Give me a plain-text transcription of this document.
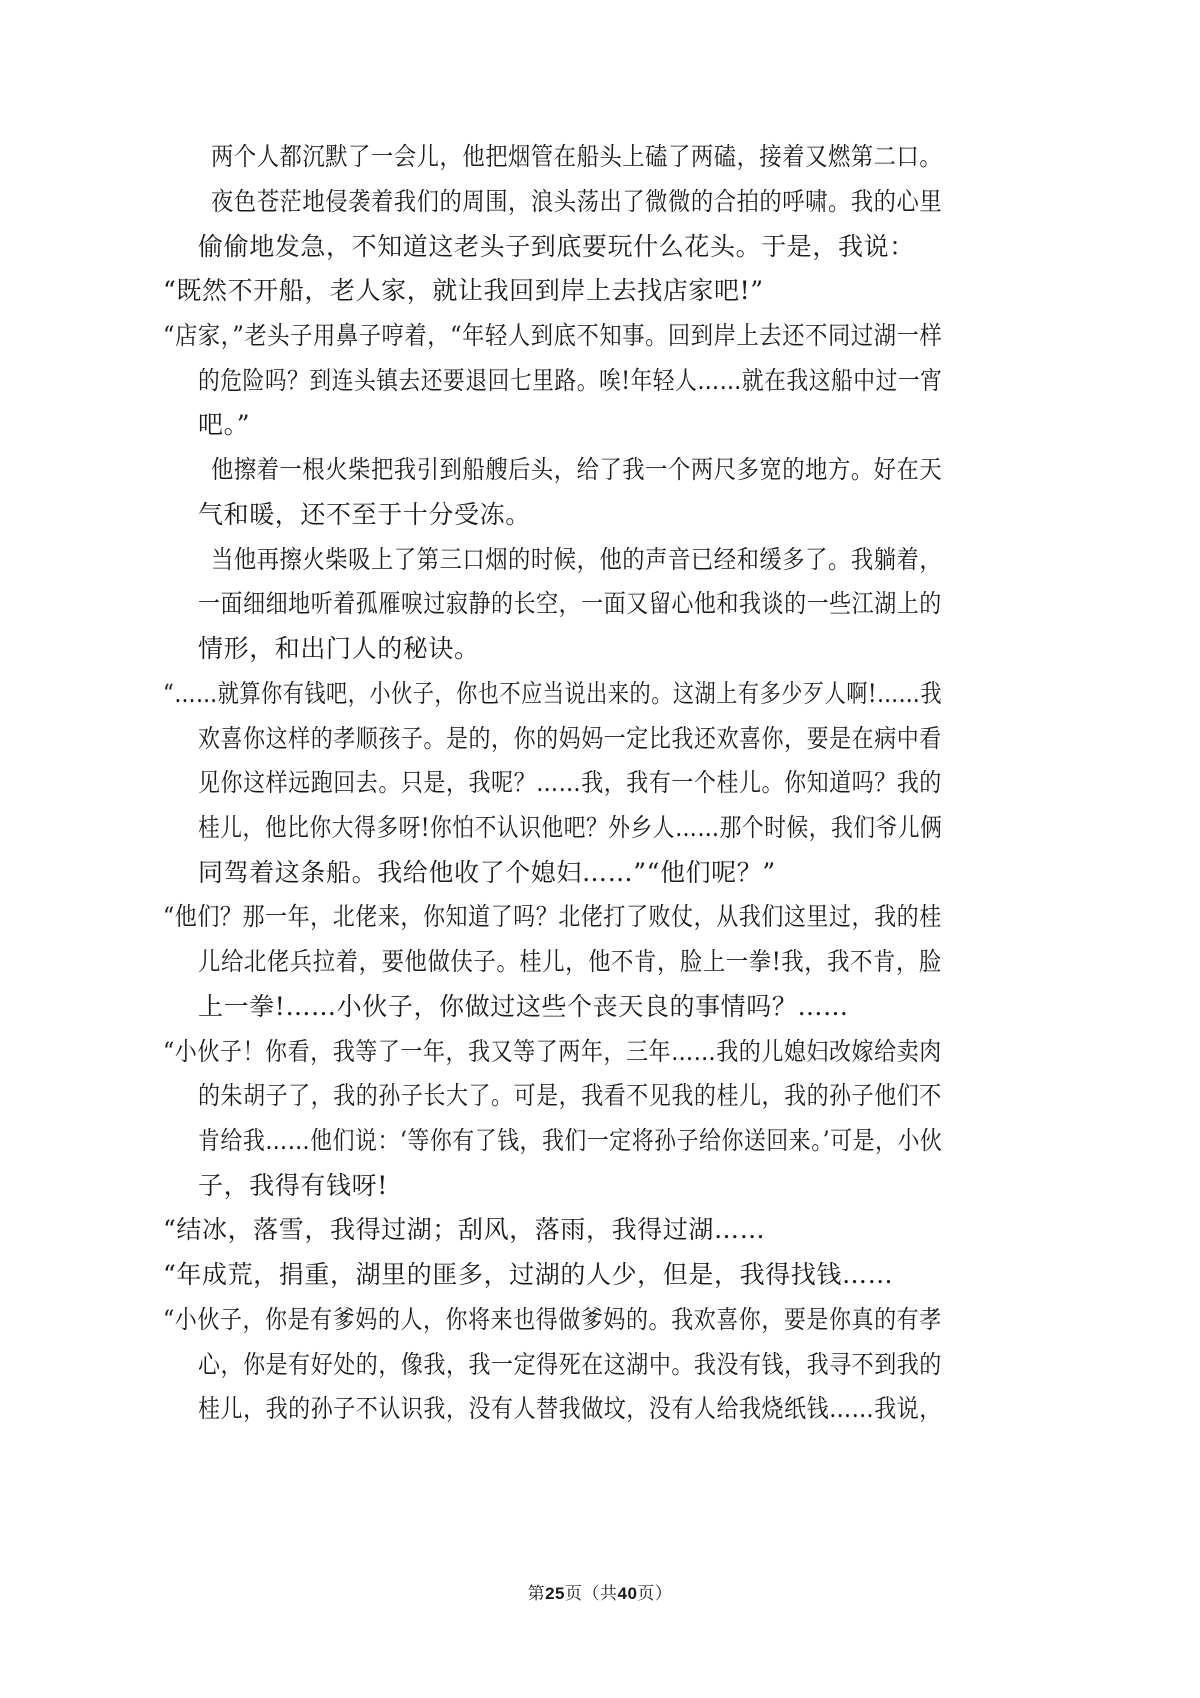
两个人都沉默了一会儿，他把烟管在船头上磕了两磕，接着又燃第二口。
夜色苍茫地侵袭着我们的周围，浪头荡出了微微的合拍的呼啸。我的心里
偷偷地发急，不知道这老头子到底要玩什么花头。于是，我说：
“既然不开船，老人家，就让我回到岸上去找店家吧!”
“店家，”老头子用鼻子哼着，“年轻人到底不知事。回到岸上去还不同过湖一样
的危险吗？到连头镇去还要退回七里路。唉!年轻人……就在我这船中过一宵
吧。”
他擦着一根火柴把我引到船艘后头，给了我一个两尺多宽的地方。好在天
气和暖，还不至于十分受冻。
当他再擦火柴吸上了第三口烟的时候，他的声音已经和缓多了。我躺着，
一面细细地听着孤雁唳过寂静的长空，一面又留心他和我谈的一些江湖上的
情形，和出门人的秘诀。
“……就算你有钱吧，小伙子，你也不应当说出来的。这湖上有多少歹人啊!……我
欢喜你这样的孝顺孩子。是的，你的妈妈一定比我还欢喜你，要是在病中看
见你这样远跑回去。只是，我呢？……我，我有一个桂儿。你知道吗？我的
桂儿，他比你大得多呀!你怕不认识他吧？外乡人……那个时候，我们爷儿俩
同驾着这条船。我给他收了个媳妇……”“他们呢？”
“他们？那一年，北佬来，你知道了吗？北佬打了败仗，从我们这里过，我的桂
儿给北佬兵拉着，要他做伕子。桂儿，他不肯，脸上一拳!我，我不肯，脸
上一拳!……小伙子，你做过这些个丧天良的事情吗？……
“小伙子！你看，我等了一年，我又等了两年，三年……我的儿媳妇改嫁给卖肉
的朱胡子了，我的孙子长大了。可是，我看不见我的桂儿，我的孙子他们不
肯给我……他们说：‘等你有了钱，我们一定将孙子给你送回来。’可是，小伙
子，我得有钱呀!
“结冰，落雪，我得过湖；刮风，落雨，我得过湖……
“年成荒，捐重，湖里的匪多，过湖的人少，但是，我得找钱……
“小伙子，你是有爹妈的人，你将来也得做爹妈的。我欢喜你，要是你真的有孝
心，你是有好处的，像我，我一定得死在这湖中。我没有钱，我寻不到我的
桂儿，我的孙子不认识我，没有人替我做坟，没有人给我烧纸钱……我说，
第25页（共40页）
